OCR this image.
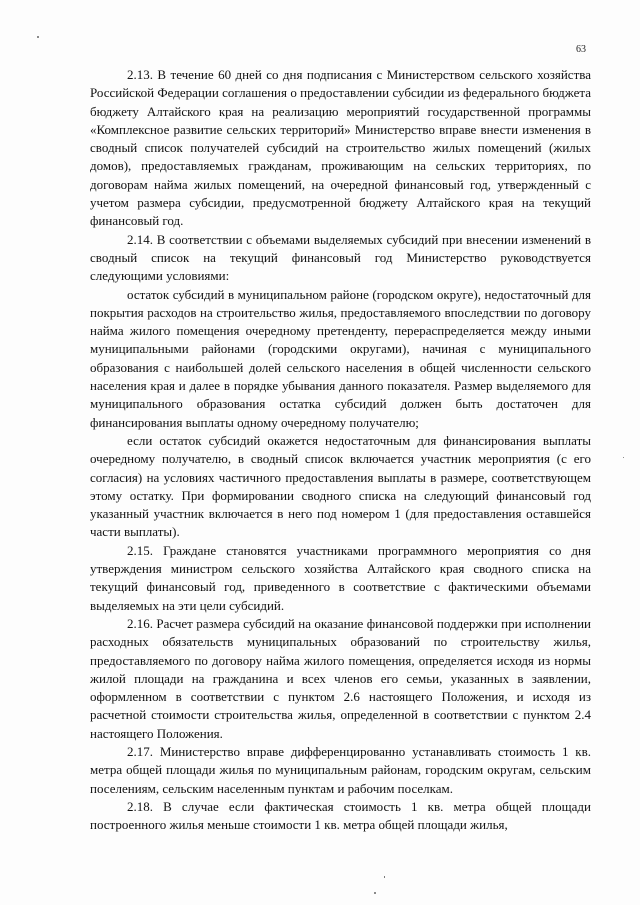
63

2.13. В течение 60 дней со дня подписания с Министерством сельского хозяйства Российской Федерации соглашения о предоставлении субсидии из федерального бюджета бюджету Алтайского края на реализацию мероприятий государственной программы «Комплексное развитие сельских территорий» Министерство вправе внести изменения в сводный список получателей субсидий на строительство жилых помещений (жилых домов), предоставляемых гражданам, проживающим на сельских территориях, по договорам найма жилых помещений, на очередной финансовый год, утвержденный с учетом размера субсидии, предусмотренной бюджету Алтайского края на текущий финансовый год.

2.14. В соответствии с объемами выделяемых субсидий при внесении изменений в сводный список на текущий финансовый год Министерство руководствуется следующими условиями:

остаток субсидий в муниципальном районе (городском округе), недостаточный для покрытия расходов на строительство жилья, предоставляемого впоследствии по договору найма жилого помещения очередному претенденту, перераспределяется между иными муниципальными районами (городскими округами), начиная с муниципального образования с наибольшей долей сельского населения в общей численности сельского населения края и далее в порядке убывания данного показателя. Размер выделяемого для муниципального образования остатка субсидий должен быть достаточен для финансирования выплаты одному очередному получателю;

если остаток субсидий окажется недостаточным для финансирования выплаты очередному получателю, в сводный список включается участник мероприятия (с его согласия) на условиях частичного предоставления выплаты в размере, соответствующем этому остатку. При формировании сводного списка на следующий финансовый год указанный участник включается в него под номером 1 (для предоставления оставшейся части выплаты).

2.15. Граждане становятся участниками программного мероприятия со дня утверждения министром сельского хозяйства Алтайского края сводного списка на текущий финансовый год, приведенного в соответствие с фактическими объемами выделяемых на эти цели субсидий.

2.16. Расчет размера субсидий на оказание финансовой поддержки при исполнении расходных обязательств муниципальных образований по строительству жилья, предоставляемого по договору найма жилого помещения, определяется исходя из нормы жилой площади на гражданина и всех членов его семьи, указанных в заявлении, оформленном в соответствии с пунктом 2.6 настоящего Положения, и исходя из расчетной стоимости строительства жилья, определенной в соответствии с пунктом 2.4 настоящего Положения.

2.17. Министерство вправе дифференцированно устанавливать стоимость 1 кв. метра общей площади жилья по муниципальным районам, городским округам, сельским поселениям, сельским населенным пунктам и рабочим поселкам.

2.18. В случае если фактическая стоимость 1 кв. метра общей площади построенного жилья меньше стоимости 1 кв. метра общей площади жилья,
